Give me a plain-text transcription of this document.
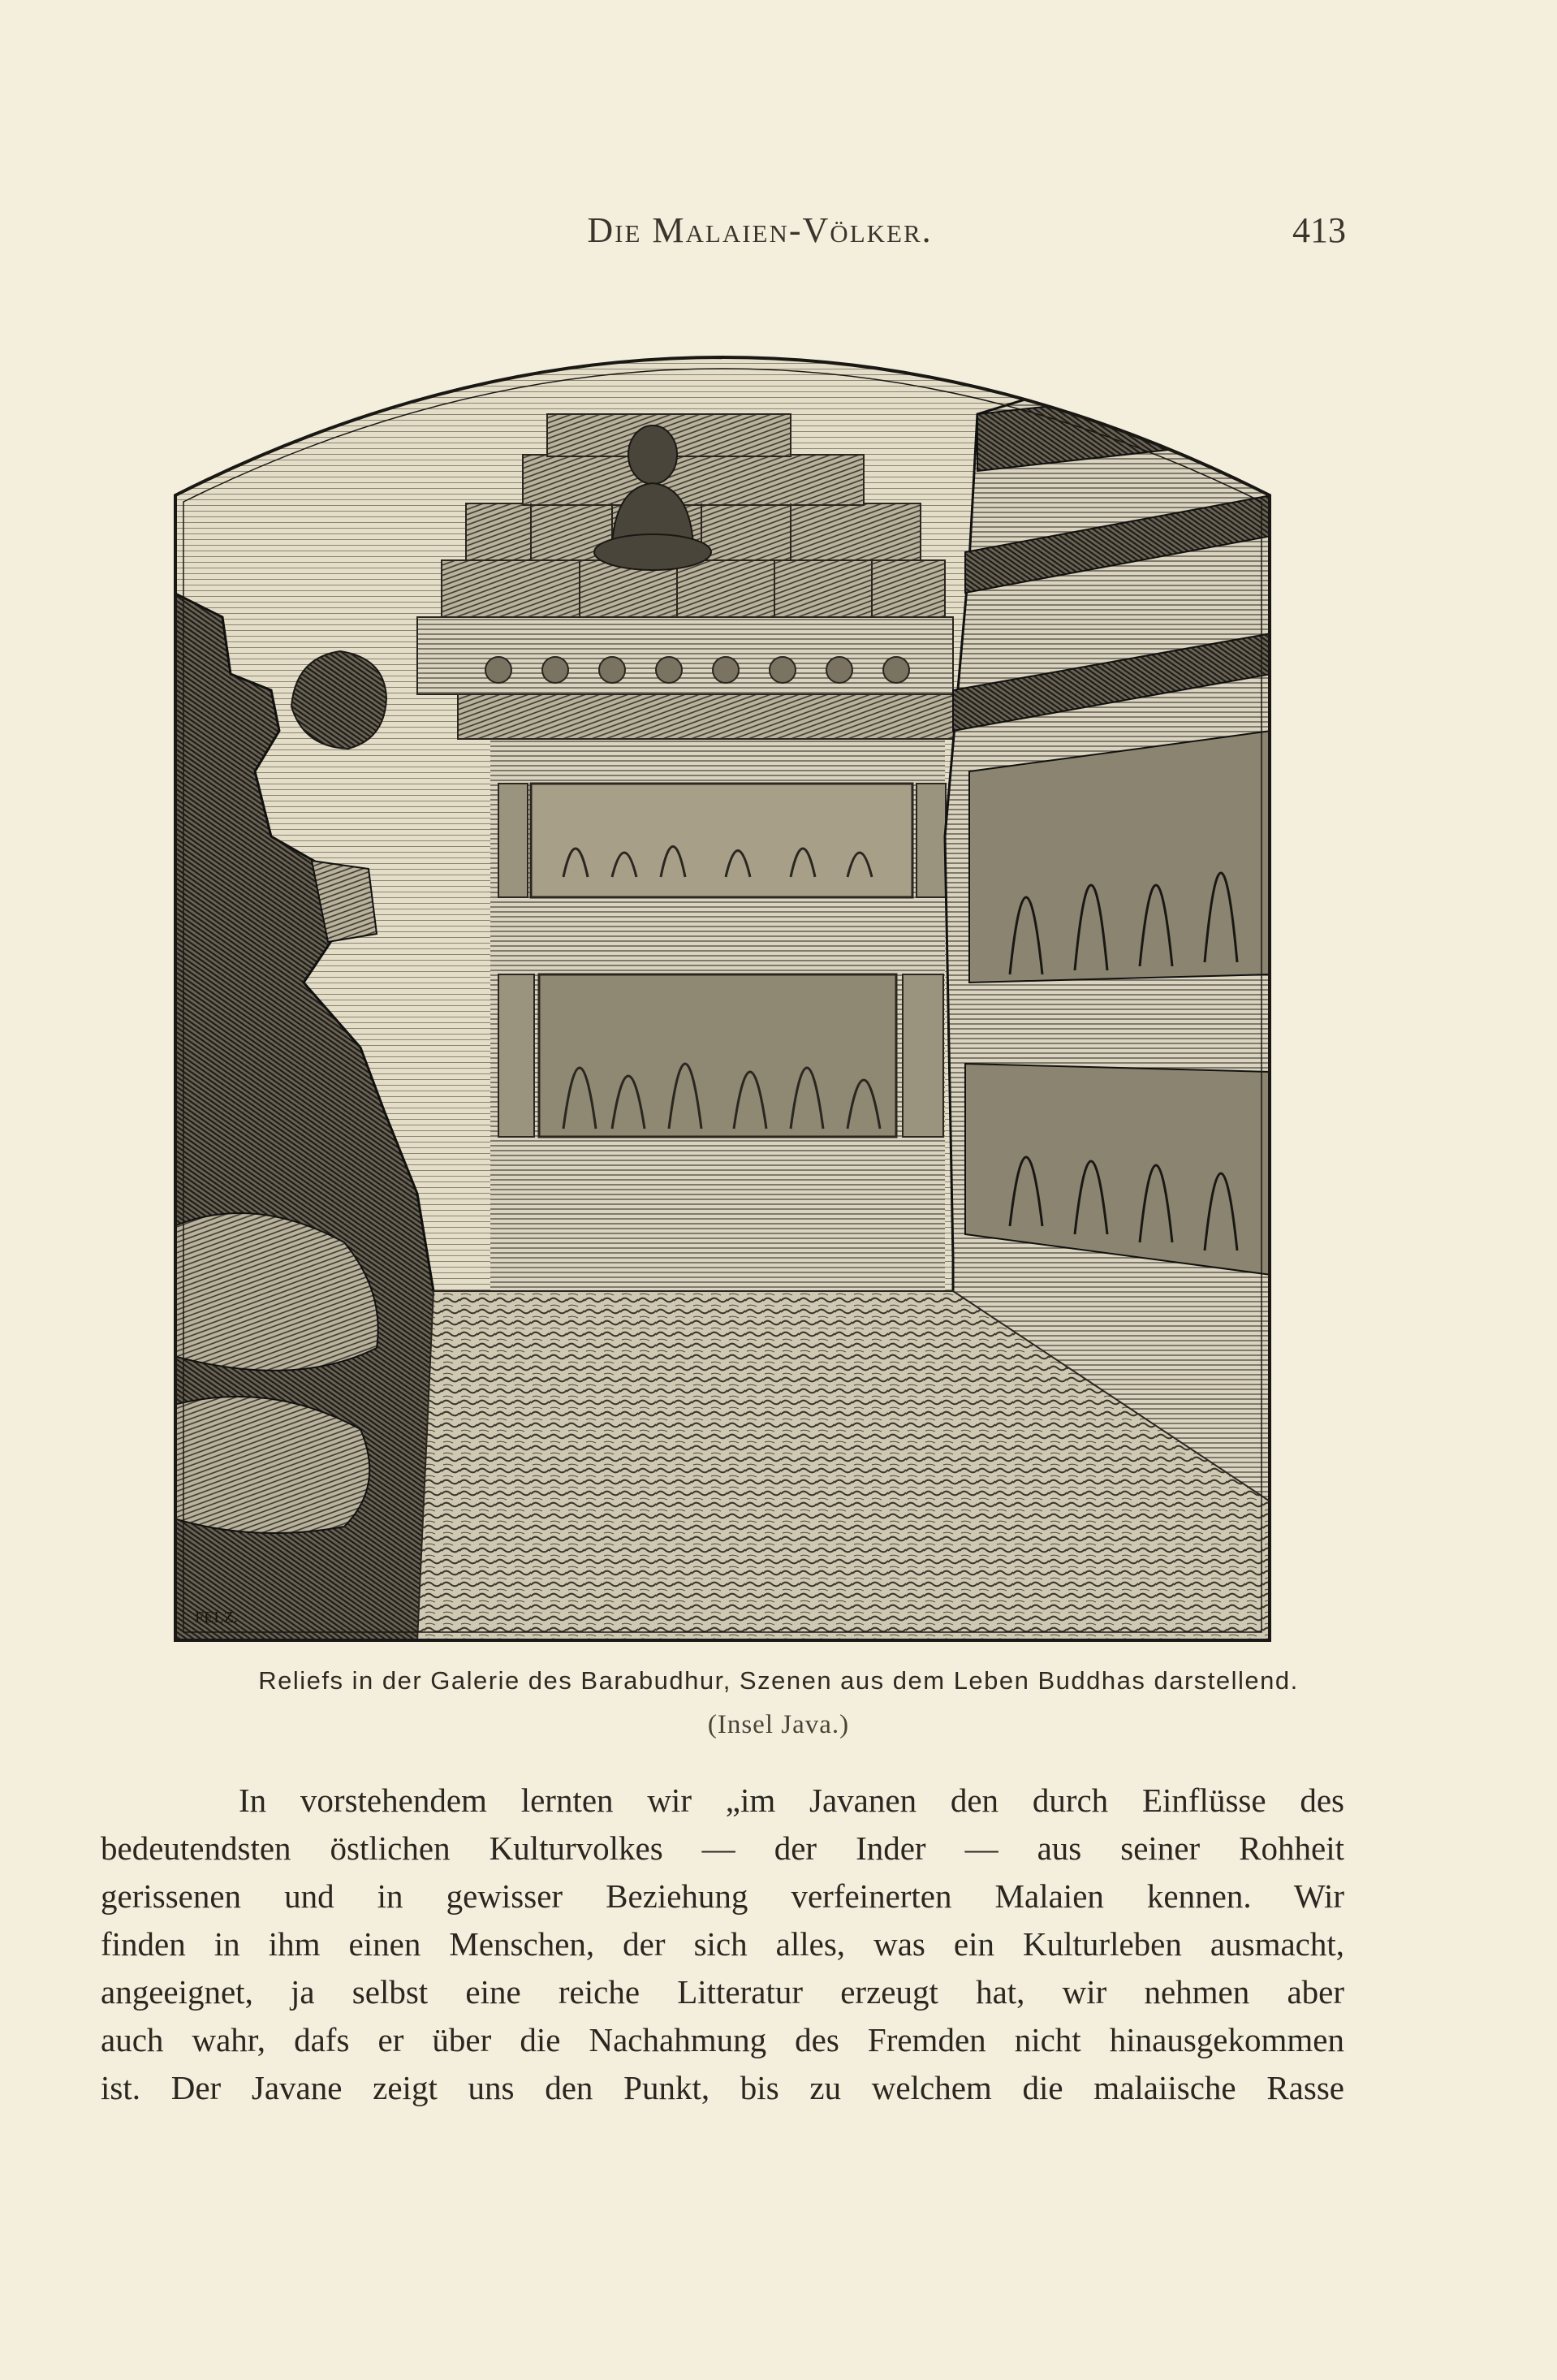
Die Malaien-Völker.	413
FELZ.
Reliefs in der Galerie des Barabudhur, Szenen aus dem Leben Buddhas darstellend.
(Insel Java.)
In vorstehendem lernten wir „im Javanen den durch Einflüsse des
bedeutendsten östlichen Kulturvolkes — der Inder — aus seiner Rohheit
gerissenen und in gewisser Beziehung verfeinerten Malaien kennen. Wir
finden in ihm einen Menschen, der sich alles, was ein Kulturleben ausmacht,
angeeignet, ja selbst eine reiche Litteratur erzeugt hat, wir nehmen aber
auch wahr, dafs er über die Nachahmung des Fremden nicht hinausgekommen
ist. Der Javane zeigt uns den Punkt, bis zu welchem die malaiische Rasse
